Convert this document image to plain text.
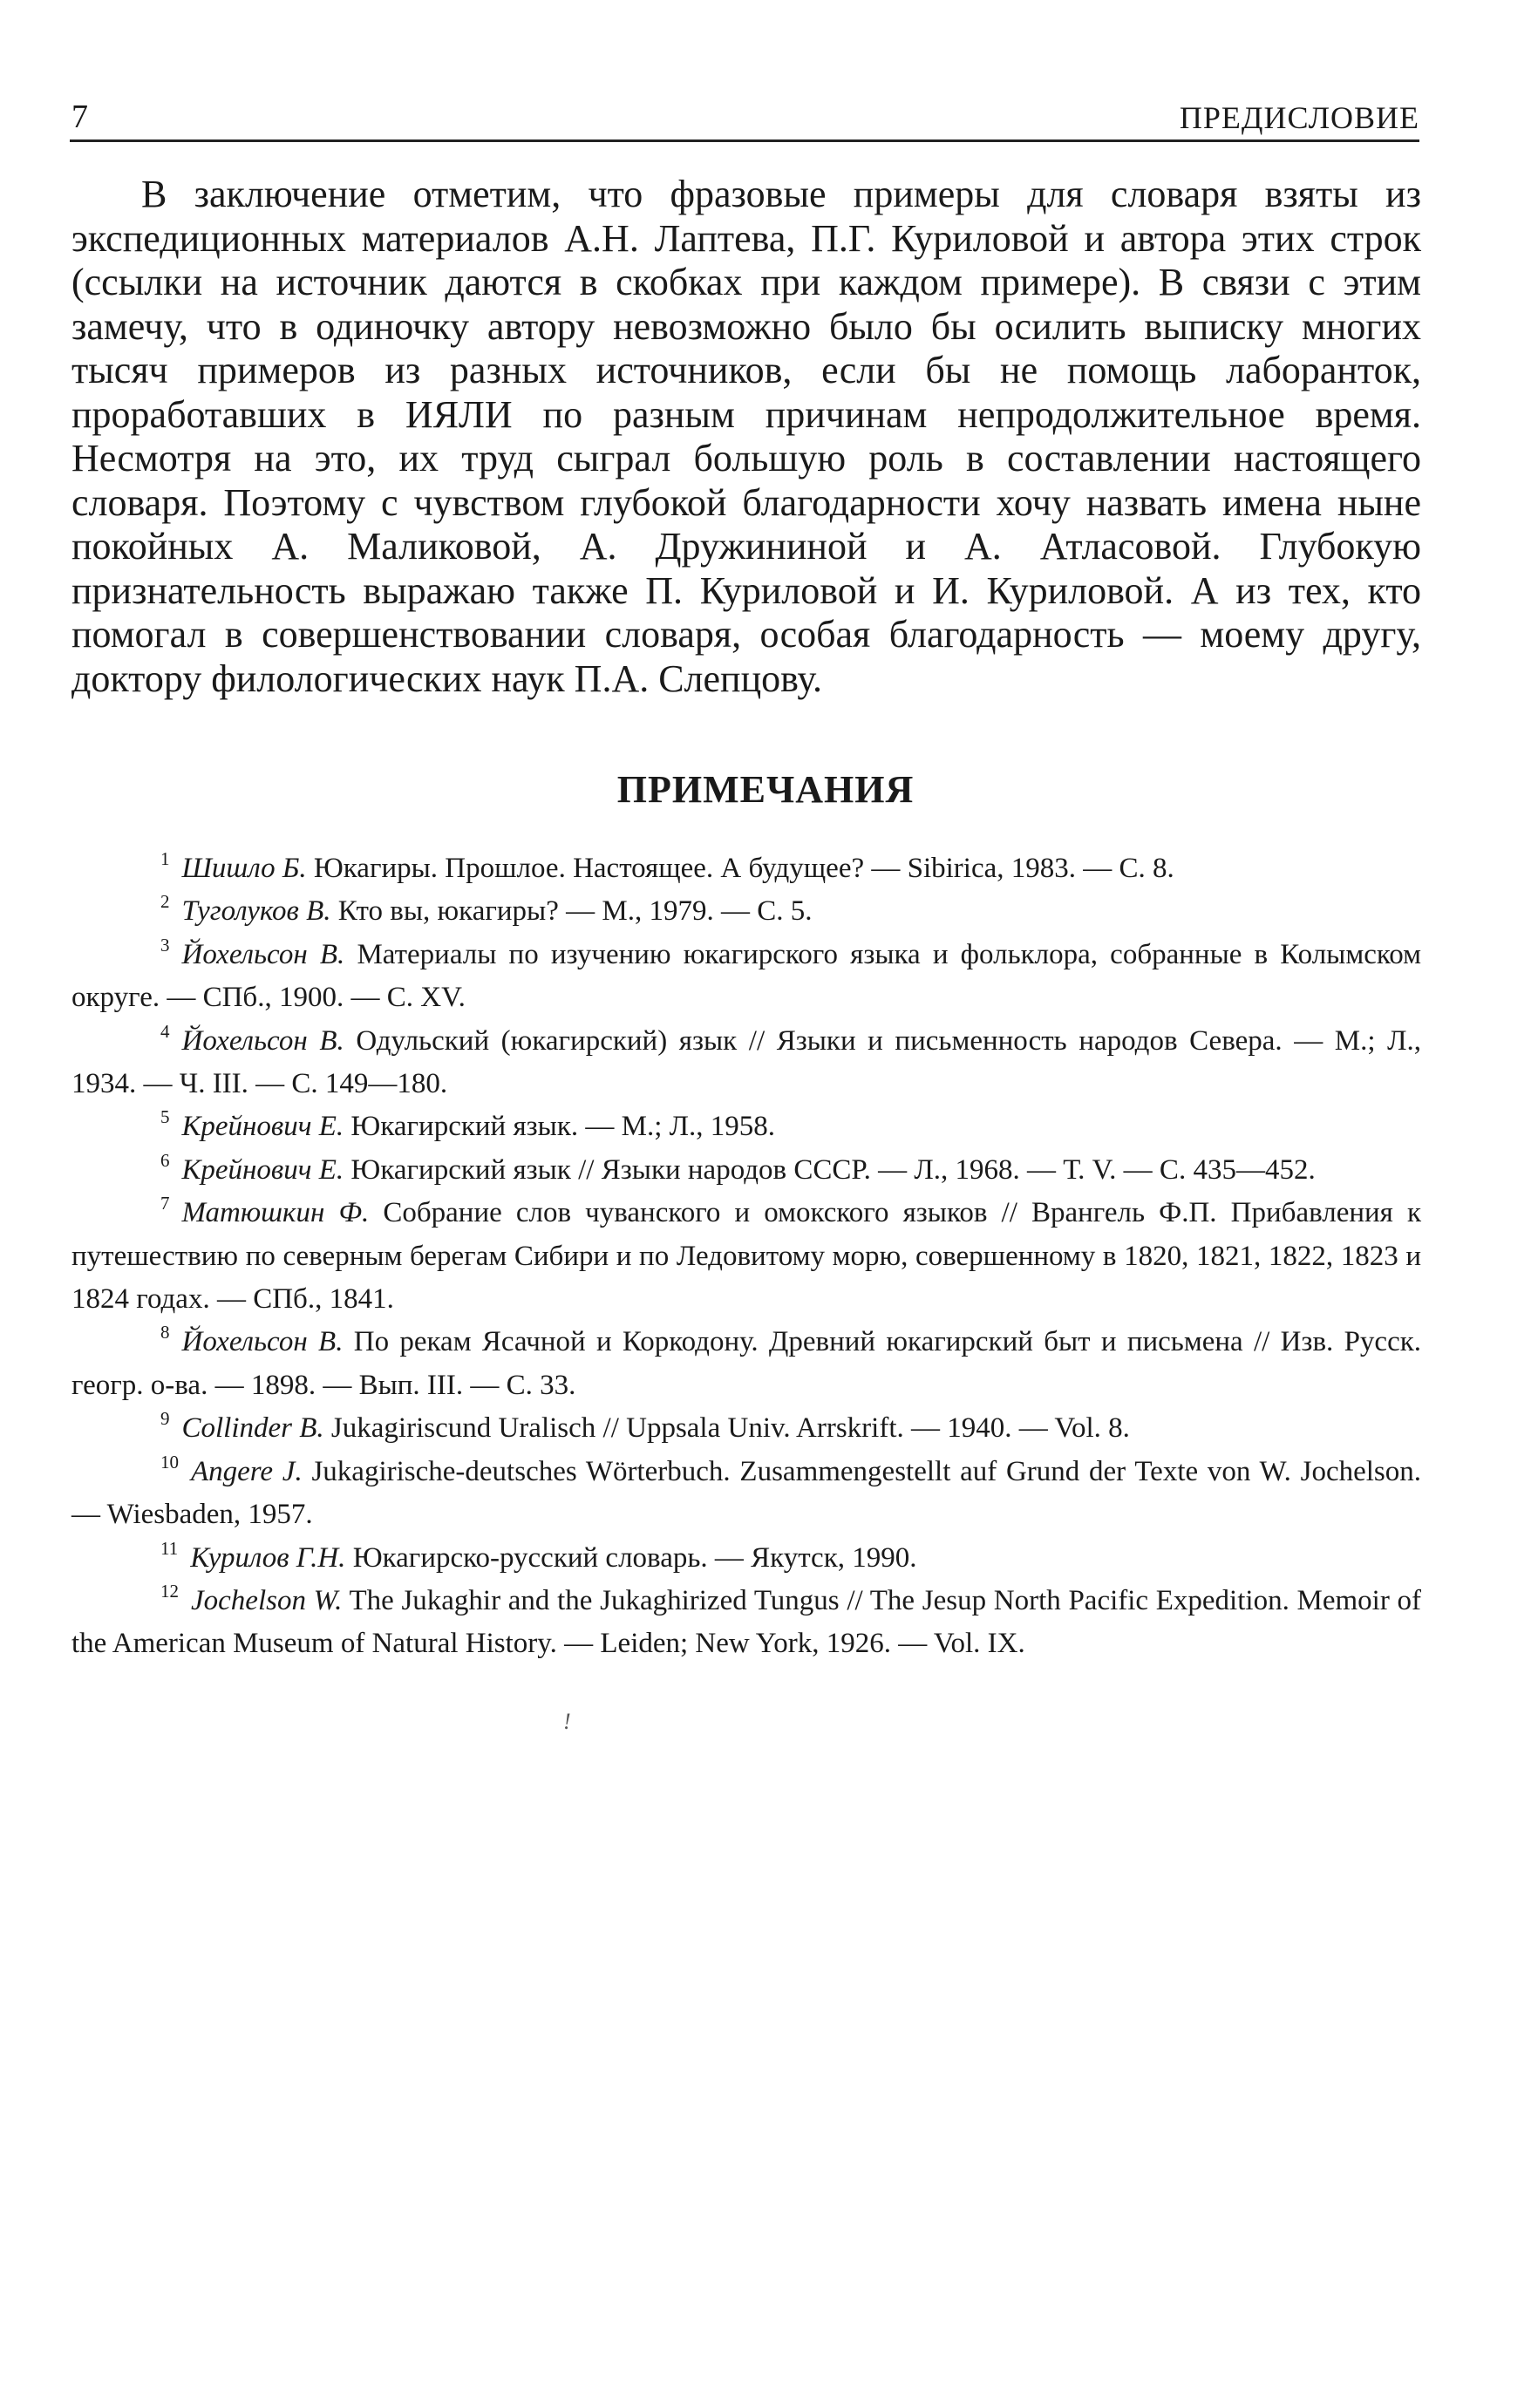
7	ПРЕДИСЛОВИЕ

В заключение отметим, что фразовые примеры для словаря взяты из экспедиционных материалов А.Н. Лаптева, П.Г. Куриловой и автора этих строк (ссылки на источник даются в скобках при каждом примере). В связи с этим замечу, что в одиночку автору невозможно было бы осилить выписку многих тысяч примеров из разных источников, если бы не помощь лаборанток, проработавших в ИЯЛИ по разным причинам непродолжительное время. Несмотря на это, их труд сыграл большую роль в составлении настоящего словаря. Поэтому с чувством глубокой благодарности хочу назвать имена ныне покойных А. Маликовой, А. Дружининой и А. Атласовой. Глубокую признательность выражаю также П. Куриловой и И. Куриловой. А из тех, кто помогал в совершенствовании словаря, особая благодарность — моему другу, доктору филологических наук П.А. Слепцову.

ПРИМЕЧАНИЯ

$^1$ Шишло Б. Юкагиры. Прошлое. Настоящее. А будущее? — Sibirica, 1983. — С. 8.

$^2$ Туголуков В. Кто вы, юкагиры? — М., 1979. — С. 5.

$^3$ Йохельсон В. Материалы по изучению юкагирского языка и фольклора, собранные в Колымском округе. — СПб., 1900. — С. XV.

$^4$ Йохельсон В. Одульский (юкагирский) язык // Языки и письменность народов Севера. — М.; Л., 1934. — Ч. III. — С. 149—180.

$^5$ Крейнович Е. Юкагирский язык. — М.; Л., 1958.

$^6$ Крейнович Е. Юкагирский язык // Языки народов СССР. — Л., 1968. — Т. V. — С. 435—452.

$^7$ Матюшкин Ф. Собрание слов чуванского и омокского языков // Врангель Ф.П. Прибавления к путешествию по северным берегам Сибири и по Ледовитому морю, совершенному в 1820, 1821, 1822, 1823 и 1824 годах. — СПб., 1841.

$^8$ Йохельсон В. По рекам Ясачной и Коркодону. Древний юкагирский быт и письмена // Изв. Русск. геогр. о-ва. — 1898. — Вып. III. — С. 33.

$^9$ Collinder B. Jukagiriscund Uralisch // Uppsala Univ. Arrskrift. — 1940. — Vol. 8.

$^{10}$ Angere J. Jukagirische-deutsches Wörterbuch. Zusammengestellt auf Grund der Texte von W. Jochelson. — Wiesbaden, 1957.

$^{11}$ Курилов Г.Н. Юкагирско-русский словарь. — Якутск, 1990.

$^{12}$ Jochelson W. The Jukaghir and the Jukaghirized Tungus // The Jesup North Pacific Expedition. Memoir of the American Museum of Natural History. — Leiden; New York, 1926. — Vol. IX.

!
